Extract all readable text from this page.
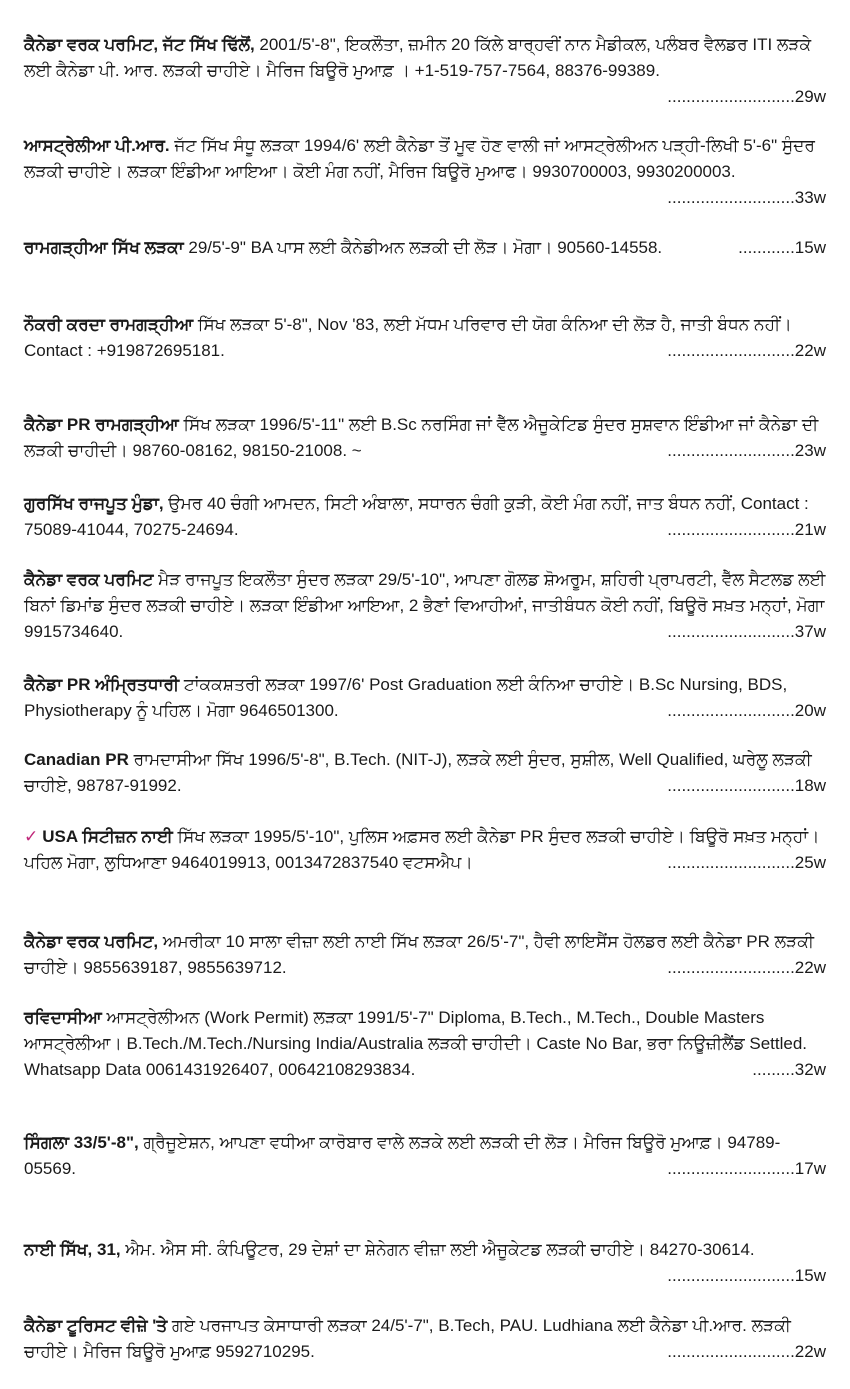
ਕੈਨੇਡਾ ਵਰਕ ਪਰਮਿਟ, ਜੱਟ ਸਿੱਖ ਢਿੱਲੋਂ, 2001/5'-8", ਇਕਲੌਤਾ, ਜ਼ਮੀਨ 20 ਕਿੱਲੇ ਬਾਰ੍ਹਵੀਂ ਨਾਨ ਮੈਡੀਕਲ, ਪਲੰਬਰ ਵੈਲਡਰ ITI ਲੜਕੇ ਲਈ ਕੈਨੇਡਾ ਪੀ. ਆਰ. ਲੜਕੀ ਚਾਹੀਏ। ਮੈਰਿਜ ਬਿਊਰੋ ਮੁਆਫ਼ । +1-519-757-7564, 88376-99389.
...........................29w
ਆਸਟ੍ਰੇਲੀਆ ਪੀ.ਆਰ. ਜੱਟ ਸਿੱਖ ਸੰਧੂ ਲੜਕਾ 1994/6' ਲਈ ਕੈਨੇਡਾ ਤੋਂ ਮੂਵ ਹੋਣ ਵਾਲੀ ਜਾਂ ਆਸਟ੍ਰੇਲੀਅਨ ਪੜ੍ਹੀ-ਲਿਖੀ 5'-6" ਸੁੰਦਰ ਲੜਕੀ ਚਾਹੀਏ। ਲੜਕਾ ਇੰਡੀਆ ਆਇਆ। ਕੋਈ ਮੰਗ ਨਹੀਂ, ਮੈਰਿਜ ਬਿਊਰੋ ਮੁਆਫ। 9930700003, 9930200003.
...........................33w
............15w
ਰਾਮਗੜ੍ਹੀਆ ਸਿੱਖ ਲੜਕਾ 29/5'-9" BA ਪਾਸ ਲਈ ਕੈਨੇਡੀਅਨ ਲੜਕੀ ਦੀ ਲੋੜ। ਮੋਗਾ। 90560-14558.
ਨੌਕਰੀ ਕਰਦਾ ਰਾਮਗੜ੍ਹੀਆ ਸਿੱਖ ਲੜਕਾ 5'-8", Nov '83, ਲਈ ਮੱਧਮ ਪਰਿਵਾਰ ਦੀ ਯੋਗ ਕੰਨਿਆ ਦੀ ਲੋੜ ਹੈ, ਜਾਤੀ ਬੰਧਨ ਨਹੀਂ। Contact : +919872695181.	...........................22w
ਕੈਨੇਡਾ PR ਰਾਮਗੜ੍ਹੀਆ ਸਿੱਖ ਲੜਕਾ 1996/5'-11" ਲਈ B.Sc ਨਰਸਿੰਗ ਜਾਂ ਵੈੱਲ ਐਜੂਕੇਟਿਡ ਸੁੰਦਰ ਸੁਸ਼ਵਾਨ ਇੰਡੀਆ ਜਾਂ ਕੈਨੇਡਾ ਦੀ ਲੜਕੀ ਚਾਹੀਦੀ। 98760-08162, 98150-21008. ~	...........................23w
ਗੁਰਸਿੱਖ ਰਾਜਪੂਤ ਮੁੰਡਾ, ਉਮਰ 40 ਚੰਗੀ ਆਮਦਨ, ਸਿਟੀ ਅੰਬਾਲਾ, ਸਧਾਰਨ ਚੰਗੀ ਕੁੜੀ, ਕੋਈ ਮੰਗ ਨਹੀਂ, ਜਾਤ ਬੰਧਨ ਨਹੀਂ, Contact : 75089-41044, 70275-24694.	...........................21w
ਕੈਨੇਡਾ ਵਰਕ ਪਰਮਿਟ ਮੈੜ ਰਾਜਪੂਤ ਇਕਲੌਤਾ ਸੁੰਦਰ ਲੜਕਾ 29/5'-10", ਆਪਣਾ ਗੋਲਡ ਸ਼ੋਅਰੂਮ, ਸ਼ਹਿਰੀ ਪ੍ਰਾਪਰਟੀ, ਵੈੱਲ ਸੈਟਲਡ ਲਈ ਬਿਨਾਂ ਡਿਮਾਂਡ ਸੁੰਦਰ ਲੜਕੀ ਚਾਹੀਏ। ਲੜਕਾ ਇੰਡੀਆ ਆਇਆ, 2 ਭੈਣਾਂ ਵਿਆਹੀਆਂ, ਜਾਤੀਬੰਧਨ ਕੋਈ ਨਹੀਂ, ਬਿਊਰੋ ਸਖ਼ਤ ਮਨ੍ਹਾਂ, ਮੋਗਾ 9915734640.	...........................37w
ਕੈਨੇਡਾ PR ਅੰਮ੍ਰਿਤਧਾਰੀ ਟਾਂਕਕਸ਼ਤਰੀ ਲੜਕਾ 1997/6' Post Graduation ਲਈ ਕੰਨਿਆ ਚਾਹੀਏ। B.Sc Nursing, BDS, Physiotherapy ਨੂੰ ਪਹਿਲ। ਮੋਗਾ 9646501300.	...........................20w
Canadian PR ਰਾਮਦਾਸੀਆ ਸਿੱਖ 1996/5'-8", B.Tech. (NIT-J), ਲੜਕੇ ਲਈ ਸੁੰਦਰ, ਸੁਸ਼ੀਲ, Well Qualified, ਘਰੇਲੂ ਲੜਕੀ ਚਾਹੀਏ, 98787-91992.	...........................18w
✓ USA ਸਿਟੀਜ਼ਨ ਨਾਈ ਸਿੱਖ ਲੜਕਾ 1995/5'-10", ਪੁਲਿਸ ਅਫ਼ਸਰ ਲਈ ਕੈਨੇਡਾ PR ਸੁੰਦਰ ਲੜਕੀ ਚਾਹੀਏ। ਬਿਊਰੋ ਸਖ਼ਤ ਮਨ੍ਹਾਂ। ਪਹਿਲ ਮੋਗਾ, ਲੁਧਿਆਣਾ 9464019913, 0013472837540 ਵਟਸਐਪ।	...........................25w
ਕੈਨੇਡਾ ਵਰਕ ਪਰਮਿਟ, ਅਮਰੀਕਾ 10 ਸਾਲਾ ਵੀਜ਼ਾ ਲਈ ਨਾਈ ਸਿੱਖ ਲੜਕਾ 26/5'-7", ਹੈਵੀ ਲਾਇਸੈਂਸ ਹੋਲਡਰ ਲਈ ਕੈਨੇਡਾ PR ਲੜਕੀ ਚਾਹੀਏ। 9855639187, 9855639712.	...........................22w
ਰਵਿਦਾਸੀਆ ਆਸਟ੍ਰੇਲੀਅਨ (Work Permit) ਲੜਕਾ 1991/5'-7" Diploma, B.Tech., M.Tech., Double Masters ਆਸਟ੍ਰੇਲੀਆ। B.Tech./M.Tech./Nursing India/Australia ਲੜਕੀ ਚਾਹੀਦੀ। Caste No Bar, ਭਰਾ ਨਿਊਜ਼ੀਲੈਂਡ Settled. Whatsapp Data 0061431926407, 00642108293834.	.........32w
ਸਿੰਗਲਾ 33/5'-8", ਗ੍ਰੈਜੂਏਸ਼ਨ, ਆਪਣਾ ਵਧੀਆ ਕਾਰੋਬਾਰ ਵਾਲੇ ਲੜਕੇ ਲਈ ਲੜਕੀ ਦੀ ਲੋੜ। ਮੈਰਿਜ ਬਿਊਰੋ ਮੁਆਫ਼। 94789-05569.	...........................17w
ਨਾਈ ਸਿੱਖ, 31, ਐਮ. ਐਸ ਸੀ. ਕੰਪਿਊਟਰ, 29 ਦੇਸ਼ਾਂ ਦਾ ਸ਼ੇਨੇਗਨ ਵੀਜ਼ਾ ਲਈ ਐਜੂਕੇਟਡ ਲੜਕੀ ਚਾਹੀਏ। 84270-30614.
...........................15w
ਕੈਨੇਡਾ ਟੂਰਿਸਟ ਵੀਜ਼ੇ 'ਤੇ ਗਏ ਪਰਜਾਪਤ ਕੇਸਾਧਾਰੀ ਲੜਕਾ 24/5'-7", B.Tech, PAU. Ludhiana ਲਈ ਕੈਨੇਡਾ ਪੀ.ਆਰ. ਲੜਕੀ ਚਾਹੀਏ। ਮੈਰਿਜ ਬਿਊਰੋ ਮੁਆਫ਼ 9592710295.	...........................22w
